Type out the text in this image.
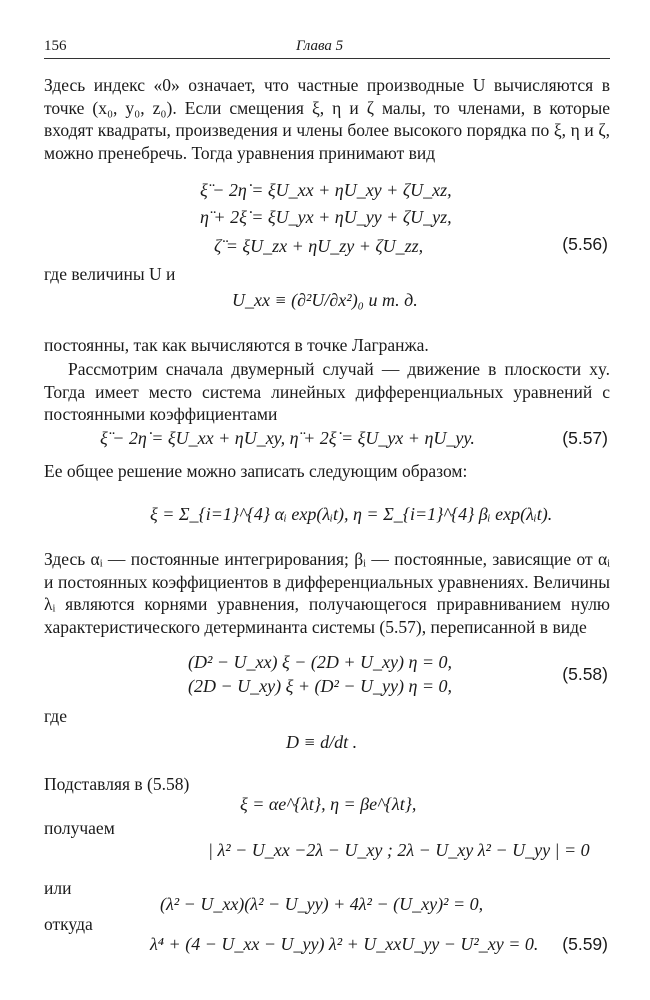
156	Глава 5

Здесь индекс «0» означает, что частные производные U вычисляются в точке (x₀, y₀, z₀). Если смещения ξ, η и ζ малы, то членами, в которые входят квадраты, произведения и члены более высокого порядка по ξ, η и ζ, можно пренебречь. Тогда уравнения принимают вид

ξ̈ − 2η̇ = ξU_xx + ηU_xy + ζU_xz,
η̈ + 2ξ̇ = ξU_yx + ηU_yy + ζU_yz,
ζ̈ = ξU_zx + ηU_zy + ζU_zz,	(5.56)
где величины U и
U_xx ≡ (∂²U/∂x²)₀ и т. д.

постоянны, так как вычисляются в точке Лагранжа.

Рассмотрим сначала двумерный случай — движение в плоскости xy. Тогда имеет место система линейных дифференциальных уравнений с постоянными коэффициентами

ξ̈ − 2η̇ = ξU_xx + ηU_xy, η̈ + 2ξ̇ = ξU_yx + ηU_yy.	(5.57)

Ее общее решение можно записать следующим образом:

ξ = Σ_{i=1}^{4} αᵢ exp(λᵢt), η = Σ_{i=1}^{4} βᵢ exp(λᵢt).

Здесь αᵢ — постоянные интегрирования; βᵢ — постоянные, зависящие от αᵢ и постоянных коэффициентов в дифференциальных уравнениях. Величины λᵢ являются корнями уравнения, получающегося приравниванием нулю характеристического детерминанта системы (5.57), переписанной в виде

(D² − U_xx) ξ − (2D + U_xy) η = 0,
(2D − U_xy) ξ + (D² − U_yy) η = 0,
(5.58)
где
D ≡ d/dt .
Подставляя в (5.58)
ξ = αe^{λt}, η = βe^{λt},
получаем
| λ² − U_xx −2λ − U_xy ; 2λ − U_xy λ² − U_yy | = 0
или
(λ² − U_xx)(λ² − U_yy) + 4λ² − (U_xy)² = 0,
откуда
λ⁴ + (4 − U_xx − U_yy) λ² + U_xxU_yy − U²_xy = 0. (5.59)
